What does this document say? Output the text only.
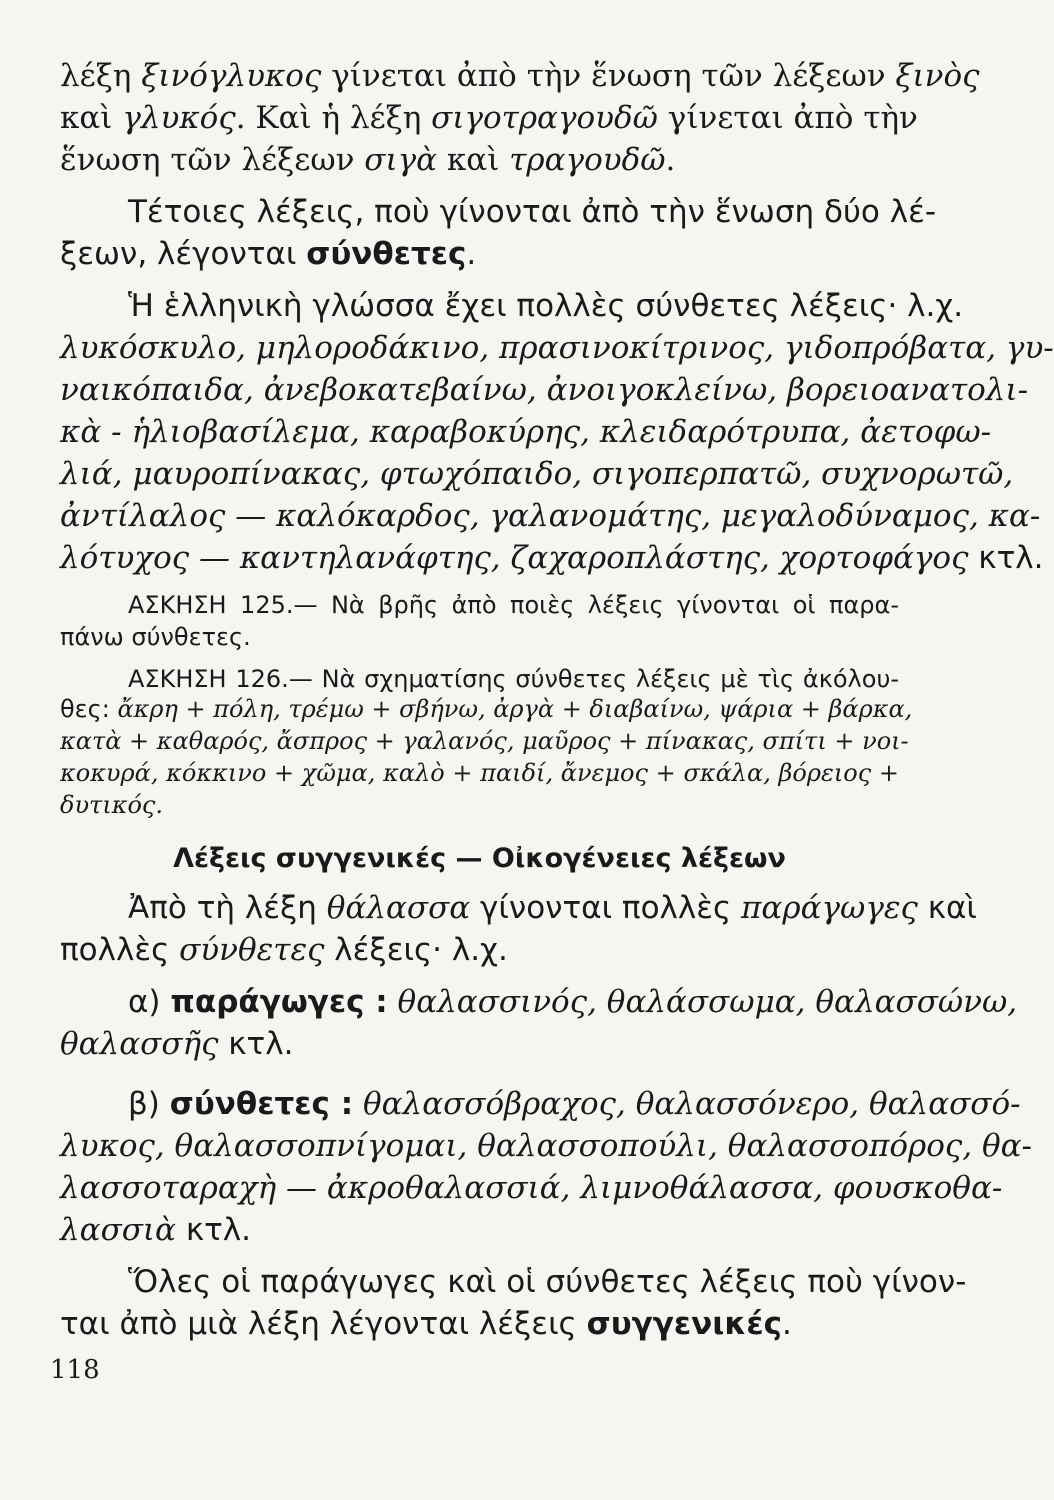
λέξη ξινόγλυκος γίνεται ἀπὸ τὴν ἕνωση τῶν λέξεων ξινὸς
καὶ γλυκός. Καὶ ἡ λέξη σιγοτραγουδῶ γίνεται ἀπὸ τὴν
ἕνωση τῶν λέξεων σιγὰ καὶ τραγουδῶ.
Τέτοιες λέξεις, ποὺ γίνονται ἀπὸ τὴν ἕνωση δύο λέ-
ξεων, λέγονται σύνθετες.
Ἡ ἑλληνικὴ γλώσσα ἔχει πολλὲς σύνθετες λέξεις· λ.χ.
λυκόσκυλο, μηλοροδάκινο, πρασινοκίτρινος, γιδοπρόβατα, γυ-
ναικόπαιδα, ἀνεβοκατεβαίνω, ἀνοιγοκλείνω, βορειοανατολι-
κὰ - ἡλιοβασίλεμα, καραβοκύρης, κλειδαρότρυπα, ἀετοφω-
λιά, μαυροπίνακας, φτωχόπαιδο, σιγοπερπατῶ, συχνορωτῶ,
ἀντίλαλος — καλόκαρδος, γαλανομάτης, μεγαλοδύναμος, κα-
λότυχος — καντηλανάφτης, ζαχαροπλάστης, χορτοφάγος κτλ.
ΑΣΚΗΣΗ 125.— Νὰ βρῆς ἀπὸ ποιὲς λέξεις γίνονται οἱ παρα-
πάνω σύνθετες.
ΑΣΚΗΣΗ 126.— Νὰ σχηματίσης σύνθετες λέξεις μὲ τὶς ἀκόλου-
θες: ἄκρη + πόλη, τρέμω + σβήνω, ἀργὰ + διαβαίνω, ψάρια + βάρκα,
κατὰ + καθαρός, ἄσπρος + γαλανός, μαῦρος + πίνακας, σπίτι + νοι-
κοκυρά, κόκκινο + χῶμα, καλὸ + παιδί, ἄνεμος + σκάλα, βόρειος +
δυτικός.
Λέξεις συγγενικές — Οἰκογένειες λέξεων
Ἀπὸ τὴ λέξη θάλασσα γίνονται πολλὲς παράγωγες καὶ
πολλὲς σύνθετες λέξεις· λ.χ.
α) παράγωγες : θαλασσινός, θαλάσσωμα, θαλασσώνω,
θαλασσῆς κτλ.
β) σύνθετες : θαλασσόβραχος, θαλασσόνερο, θαλασσό-
λυκος, θαλασσοπνίγομαι, θαλασσοπούλι, θαλασσοπόρος, θα-
λασσοταραχὴ — ἀκροθαλασσιά, λιμνοθάλασσα, φουσκοθα-
λασσιὰ κτλ.
Ὅλες οἱ παράγωγες καὶ οἱ σύνθετες λέξεις ποὺ γίνον-
ται ἀπὸ μιὰ λέξη λέγονται λέξεις συγγενικές.
118
